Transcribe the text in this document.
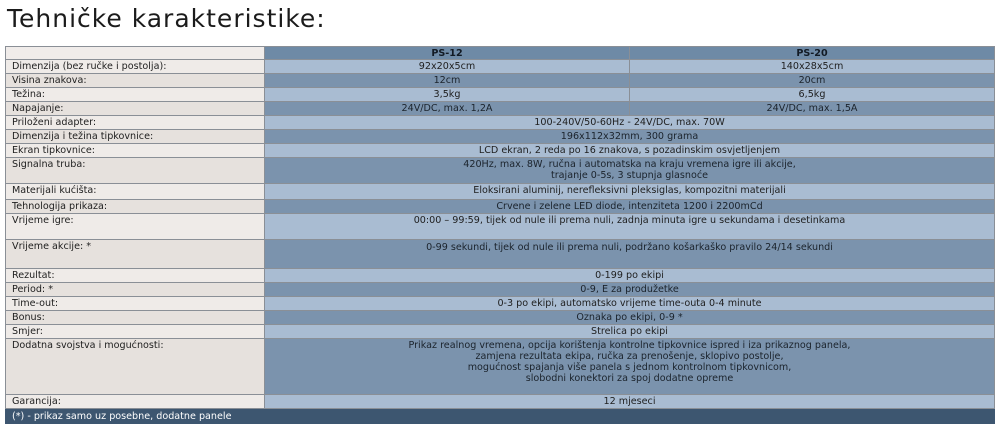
Tehničke karakteristike:
	PS-12	PS-20
Dimenzija (bez ručke i postolja):	92x20x5cm	140x28x5cm
Visina znakova:	12cm	20cm
Težina:	3,5kg	6,5kg
Napajanje:	24V/DC, max. 1,2A	24V/DC, max. 1,5A
Priloženi adapter:	100-240V/50-60Hz - 24V/DC, max. 70W	
Dimenzija i težina tipkovnice:	196x112x32mm, 300 grama	
Ekran tipkovnice:	LCD ekran, 2 reda po 16 znakova, s pozadinskim osvjetljenjem	
Signalna truba:	420Hz, max. 8W, ručna i automatska na kraju vremena igre ili akcije,
trajanje 0-5s, 3 stupnja glasnoće	
Materijali kućišta:	Eloksirani aluminij, nerefleksivni pleksiglas, kompozitni materijali	
Tehnologija prikaza:	Crvene i zelene LED diode, intenziteta 1200 i 2200mCd	
Vrijeme igre:	00:00 – 99:59, tijek od nule ili prema nuli, zadnja minuta igre u sekundama i desetinkama	
Vrijeme akcije: *	0-99 sekundi, tijek od nule ili prema nuli, podržano košarkaško pravilo 24/14 sekundi	
Rezultat:	0-199 po ekipi	
Period: *	0-9, E za produžetke	
Time-out:	0-3 po ekipi, automatsko vrijeme time-outa 0-4 minute	
Bonus:	Oznaka po ekipi, 0-9 *	
Smjer:	Strelica po ekipi	
Dodatna svojstva i mogućnosti:	Prikaz realnog vremena, opcija korištenja kontrolne tipkovnice ispred i iza prikaznog panela,
zamjena rezultata ekipa, ručka za prenošenje, sklopivo postolje,
mogućnost spajanja više panela s jednom kontrolnom tipkovnicom,
slobodni konektori za spoj dodatne opreme	
Garancija:	12 mjeseci	
(*) - prikaz samo uz posebne, dodatne panele		
